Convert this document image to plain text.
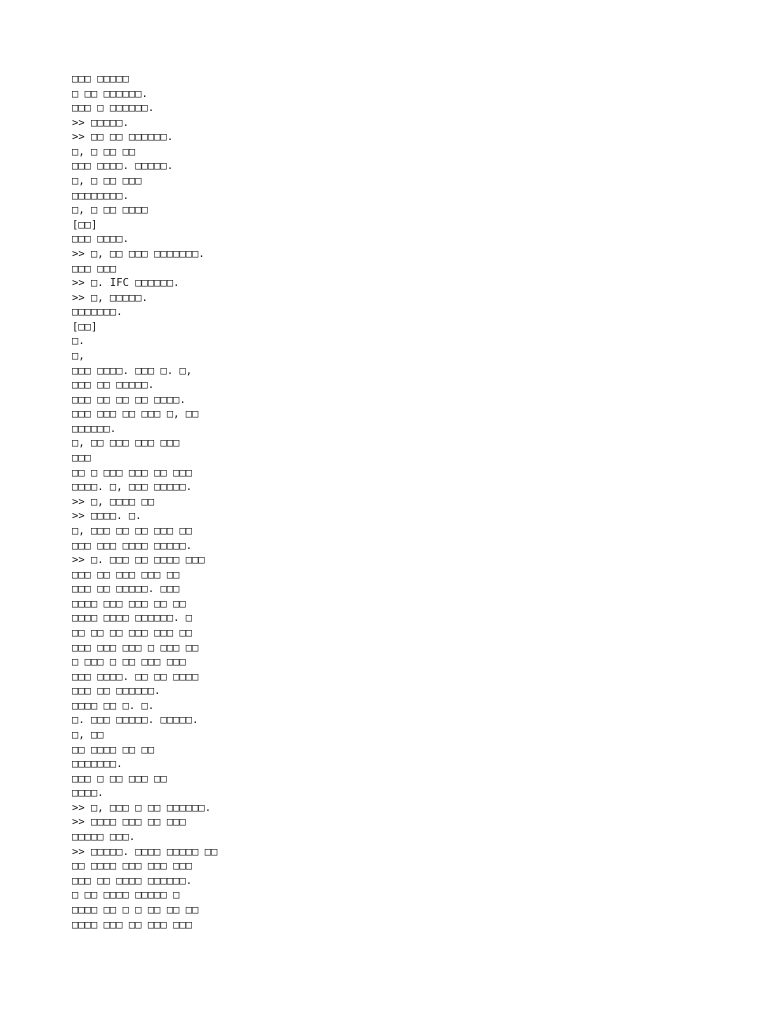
□□□ □□□□□
□ □□ □□□□□□.
□□□ □ □□□□□□.
>> □□□□□.
>> □□ □□ □□□□□□.
□, □ □□ □□
□□□ □□□□. □□□□□.
□, □ □□ □□□
□□□□□□□□.
□, □ □□ □□□□
[□□]
□□□ □□□□.
>> □, □□ □□□ □□□□□□□.
□□□ □□□
>> □. IFC □□□□□□.
>> □, □□□□□.
□□□□□□□.
[□□]
□.
□,
□□□ □□□□. □□□ □. □,
□□□ □□ □□□□□.
□□□ □□ □□ □□ □□□□.
□□□ □□□ □□ □□□ □, □□
□□□□□□.
□, □□ □□□ □□□ □□□
□□□
□□ □ □□□ □□□ □□ □□□
□□□□. □, □□□ □□□□□.
>> □, □□□□ □□
>> □□□□. □.
□, □□□ □□ □□ □□□ □□
□□□ □□□ □□□□ □□□□□.
>> □. □□□ □□ □□□□ □□□
□□□ □□ □□□ □□□ □□
□□□ □□ □□□□□. □□□
□□□□ □□□ □□□ □□ □□
□□□□ □□□□ □□□□□□. □
□□ □□ □□ □□□ □□□ □□
□□□ □□□ □□□ □ □□□ □□
□ □□□ □ □□ □□□ □□□
□□□ □□□□. □□ □□ □□□□
□□□ □□ □□□□□□.
□□□□ □□ □. □.
□. □□□ □□□□□. □□□□□.
□, □□
□□ □□□□ □□ □□
□□□□□□□.
□□□ □ □□ □□□ □□
□□□□.
>> □, □□□ □ □□ □□□□□□.
>> □□□□ □□□ □□ □□□
□□□□□ □□□.
>> □□□□□. □□□□ □□□□□ □□
□□ □□□□ □□□ □□□ □□□
□□□ □□ □□□□ □□□□□□.
□ □□ □□□□ □□□□□ □
□□□□ □□ □ □ □□ □□ □□
□□□□ □□□ □□ □□□ □□□
